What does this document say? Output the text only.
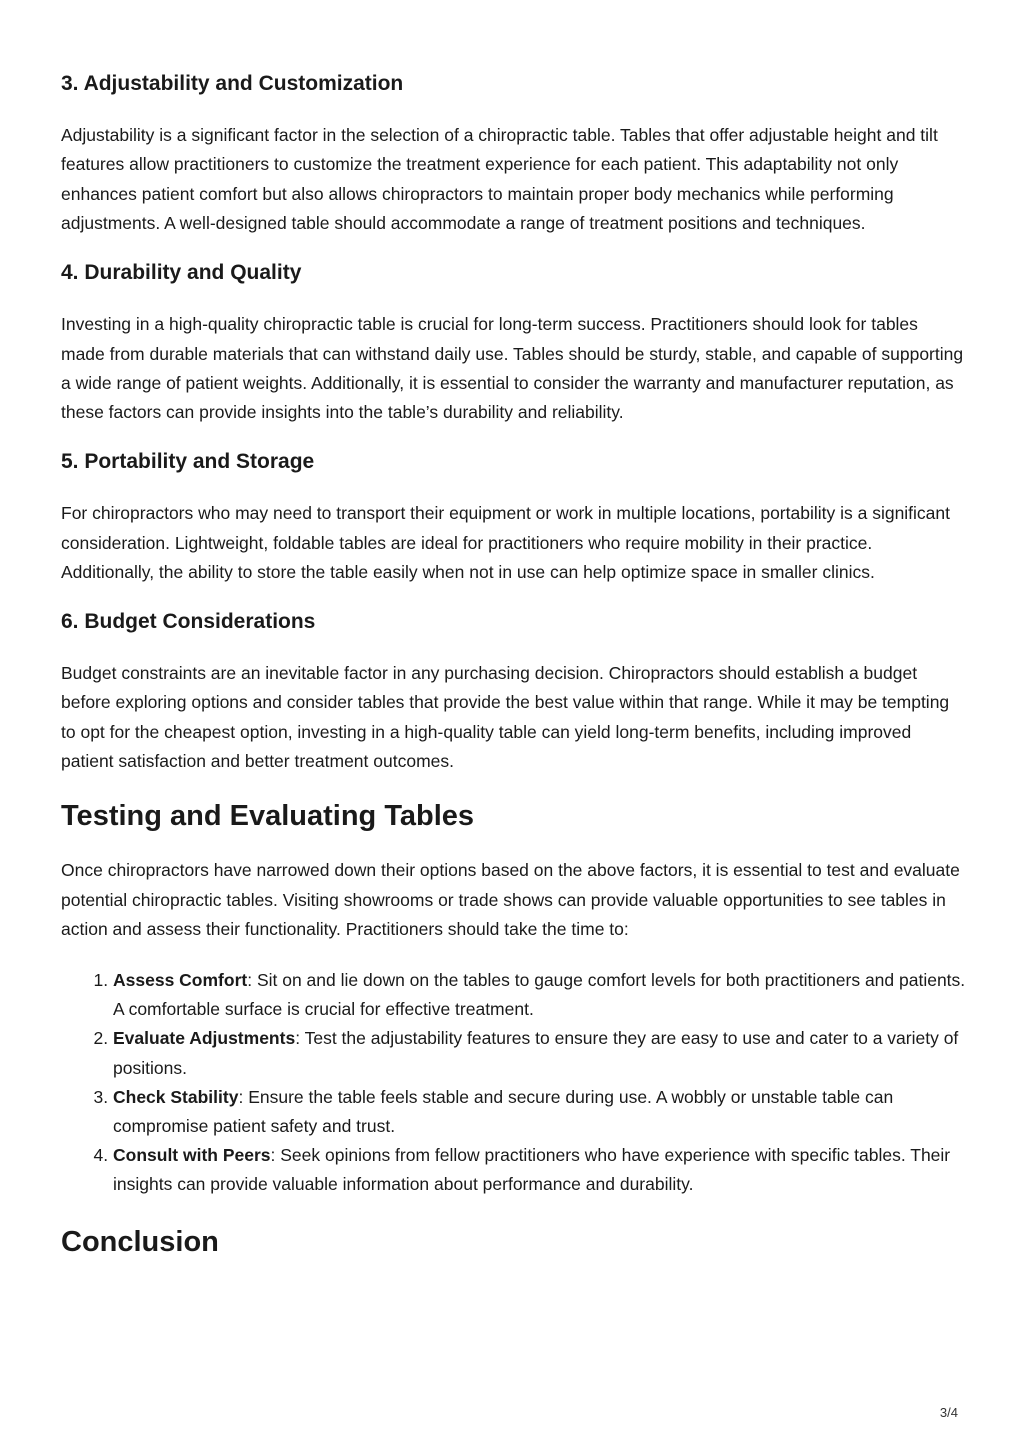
3. Adjustability and Customization

Adjustability is a significant factor in the selection of a chiropractic table. Tables that offer adjustable height and tilt features allow practitioners to customize the treatment experience for each patient. This adaptability not only enhances patient comfort but also allows chiropractors to maintain proper body mechanics while performing adjustments. A well-designed table should accommodate a range of treatment positions and techniques.

4. Durability and Quality

Investing in a high-quality chiropractic table is crucial for long-term success. Practitioners should look for tables made from durable materials that can withstand daily use. Tables should be sturdy, stable, and capable of supporting a wide range of patient weights. Additionally, it is essential to consider the warranty and manufacturer reputation, as these factors can provide insights into the table’s durability and reliability.

5. Portability and Storage

For chiropractors who may need to transport their equipment or work in multiple locations, portability is a significant consideration. Lightweight, foldable tables are ideal for practitioners who require mobility in their practice. Additionally, the ability to store the table easily when not in use can help optimize space in smaller clinics.

6. Budget Considerations

Budget constraints are an inevitable factor in any purchasing decision. Chiropractors should establish a budget before exploring options and consider tables that provide the best value within that range. While it may be tempting to opt for the cheapest option, investing in a high-quality table can yield long-term benefits, including improved patient satisfaction and better treatment outcomes.

Testing and Evaluating Tables

Once chiropractors have narrowed down their options based on the above factors, it is essential to test and evaluate potential chiropractic tables. Visiting showrooms or trade shows can provide valuable opportunities to see tables in action and assess their functionality. Practitioners should take the time to:

1. Assess Comfort: Sit on and lie down on the tables to gauge comfort levels for both practitioners and patients. A comfortable surface is crucial for effective treatment.
2. Evaluate Adjustments: Test the adjustability features to ensure they are easy to use and cater to a variety of positions.
3. Check Stability: Ensure the table feels stable and secure during use. A wobbly or unstable table can compromise patient safety and trust.
4. Consult with Peers: Seek opinions from fellow practitioners who have experience with specific tables. Their insights can provide valuable information about performance and durability.
Conclusion
3/4
